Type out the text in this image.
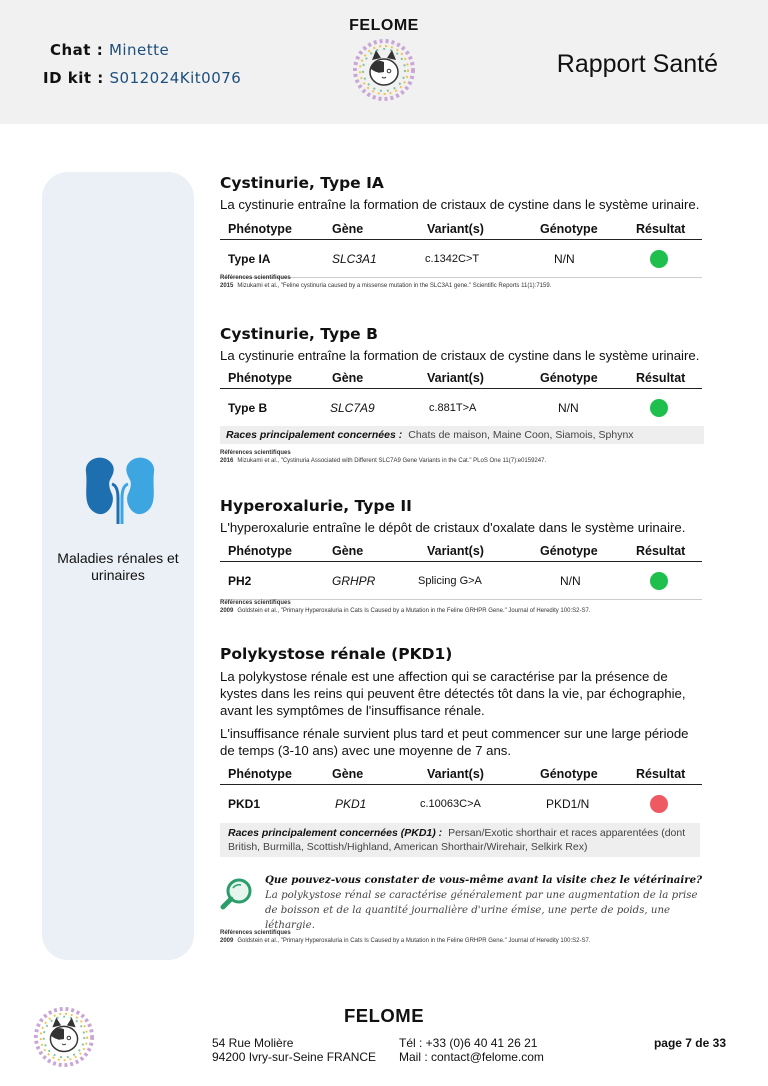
Chat : Minette
ID kit : S012024Kit0076
FELOME
Rapport Santé
Maladies rénales et urinaires
Cystinurie, Type IA
La cystinurie entraîne la formation de cristaux de cystine dans le système urinaire.
Phénotype	Gène	Variant(s)	Génotype	Résultat
Type IA	SLC3A1	c.1342C>T	N/N
Références scientifiques
2015 Mizukami et al., "Feline cystinuria caused by a missense mutation in the SLC3A1 gene." Scientific Reports 11(1):7159.
Cystinurie, Type B
La cystinurie entraîne la formation de cristaux de cystine dans le système urinaire.
Phénotype	Gène	Variant(s)	Génotype	Résultat
Type B	SLC7A9	c.881T>A	N/N
Races principalement concernées : Chats de maison, Maine Coon, Siamois, Sphynx
Références scientifiques
2016 Mizukami et al., "Cystinuria Associated with Different SLC7A9 Gene Variants in the Cat." PLoS One 11(7):e0159247.
Hyperoxalurie, Type II
L'hyperoxalurie entraîne le dépôt de cristaux d'oxalate dans le système urinaire.
Phénotype	Gène	Variant(s)	Génotype	Résultat
PH2	GRHPR	Splicing G>A	N/N
Références scientifiques
2009 Goldstein et al., "Primary Hyperoxaluria in Cats Is Caused by a Mutation in the Feline GRHPR Gene." Journal of Heredity 100:S2-S7.
Polykystose rénale (PKD1)
La polykystose rénale est une affection qui se caractérise par la présence de kystes dans les reins qui peuvent être détectés tôt dans la vie, par échographie, avant les symptômes de l'insuffisance rénale.
L'insuffisance rénale survient plus tard et peut commencer sur une large période de temps (3-10 ans) avec une moyenne de 7 ans.
Phénotype	Gène	Variant(s)	Génotype	Résultat
PKD1	PKD1	c.10063C>A	PKD1/N
Races principalement concernées (PKD1) : Persan/Exotic shorthair et races apparentées (dont British, Burmilla, Scottish/Highland, American Shorthair/Wirehair, Selkirk Rex)
Que pouvez-vous constater de vous-même avant la visite chez le vétérinaire?
La polykystose rénal se caractérise généralement par une augmentation de la prise de boisson et de la quantité journalière d'urine émise, une perte de poids, une léthargie.
Références scientifiques
2009 Goldstein et al., "Primary Hyperoxaluria in Cats Is Caused by a Mutation in the Feline GRHPR Gene." Journal of Heredity 100:S2-S7.
FELOME
54 Rue Molière
94200 Ivry-sur-Seine FRANCE
Tél : +33 (0)6 40 41 26 21
Mail : contact@felome.com
page 7 de 33
